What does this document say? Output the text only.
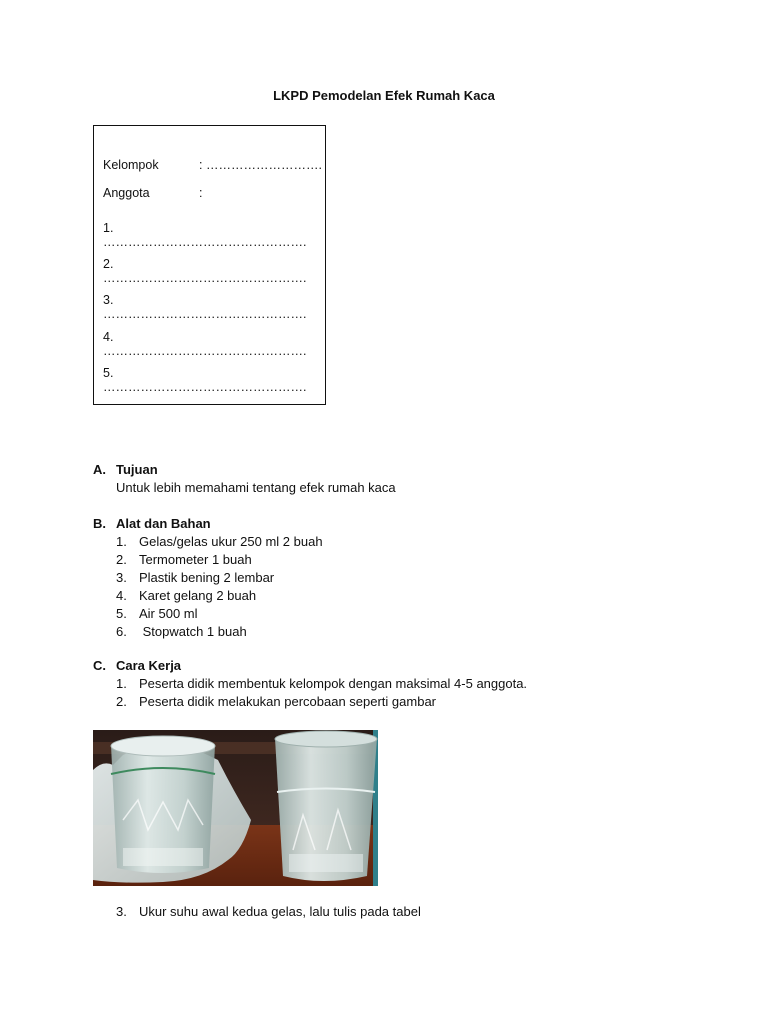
LKPD Pemodelan Efek Rumah Kaca
Kelompok	: ……………………….
Anggota	:
1.………………………………………….
2.………………………………………….
3.………………………………………….
4.………………………………………….
5.………………………………………….
A. Tujuan
Untuk lebih memahami tentang efek rumah kaca
B. Alat dan Bahan
1. Gelas/gelas ukur 250 ml 2 buah
2. Termometer 1 buah
3. Plastik bening 2 lembar
4. Karet gelang 2 buah
5. Air 500 ml
6. Stopwatch 1 buah
C. Cara Kerja
1. Peserta didik membentuk kelompok dengan maksimal 4-5 anggota.
2. Peserta didik melakukan percobaan seperti gambar
3. Ukur suhu awal kedua gelas, lalu tulis pada tabel
